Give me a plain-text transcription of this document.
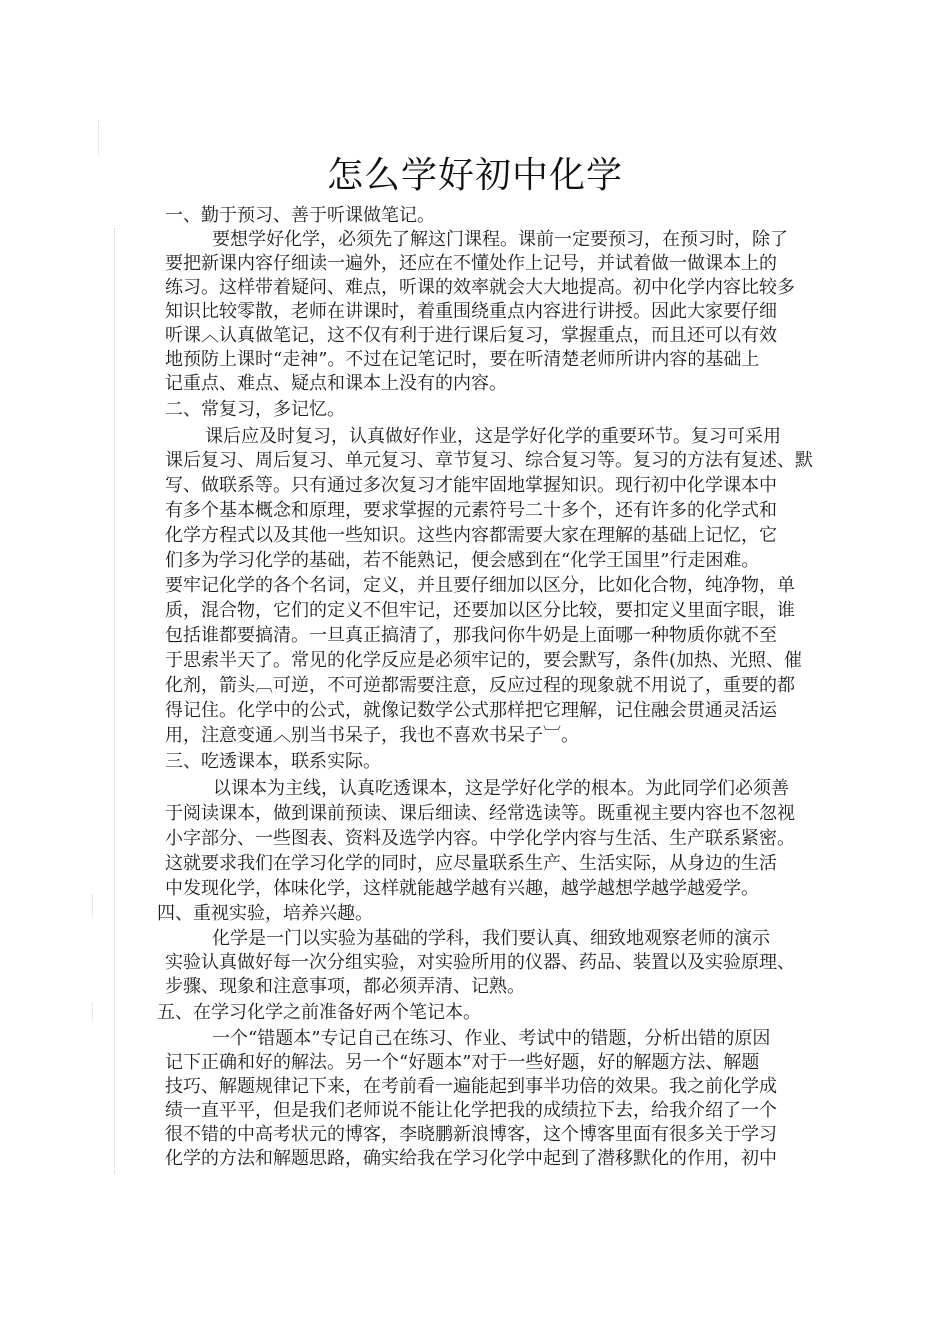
怎么学好初中化学
一、勤于预习、善于听课做笔记。
要想学好化学，必须先了解这门课程。课前一定要预习，在预习时，除了
要把新课内容仔细读一遍外，还应在不懂处作上记号，并试着做一做课本上的
练习。这样带着疑问、难点，听课的效率就会大大地提高。初中化学内容比较多
知识比较零散，老师在讲课时，着重围绕重点内容进行讲授。因此大家要仔细
听课︿认真做笔记，这不仅有利于进行课后复习，掌握重点，而且还可以有效
地预防上课时“走神”。不过在记笔记时，要在听清楚老师所讲内容的基础上
记重点、难点、疑点和课本上没有的内容。
二、常复习，多记忆。
课后应及时复习，认真做好作业，这是学好化学的重要环节。复习可采用
课后复习、周后复习、单元复习、章节复习、综合复习等。复习的方法有复述、默
写、做联系等。只有通过多次复习才能牢固地掌握知识。现行初中化学课本中
有多个基本概念和原理，要求掌握的元素符号二十多个，还有许多的化学式和
化学方程式以及其他一些知识。这些内容都需要大家在理解的基础上记忆，它
们多为学习化学的基础，若不能熟记，便会感到在“化学王国里”行走困难。
要牢记化学的各个名词，定义，并且要仔细加以区分，比如化合物，纯净物，单
质，混合物，它们的定义不但牢记，还要加以区分比较，要扣定义里面字眼，谁
包括谁都要搞清。一旦真正搞清了，那我问你牛奶是上面哪一种物质你就不至
于思索半天了。常见的化学反应是必须牢记的，要会默写，条件(加热、光照、催
化剂，箭头︹可逆，不可逆都需要注意，反应过程的现象就不用说了，重要的都
得记住。化学中的公式，就像记数学公式那样把它理解，记住融会贯通灵活运
用，注意变通︿别当书呆子，我也不喜欢书呆子︺。
三、吃透课本，联系实际。
以课本为主线，认真吃透课本，这是学好化学的根本。为此同学们必须善
于阅读课本，做到课前预读、课后细读、经常选读等。既重视主要内容也不忽视
小字部分、一些图表、资料及选学内容。中学化学内容与生活、生产联系紧密。
这就要求我们在学习化学的同时，应尽量联系生产、生活实际，从身边的生活
中发现化学，体味化学，这样就能越学越有兴趣，越学越想学越学越爱学。
四、重视实验，培养兴趣。
化学是一门以实验为基础的学科，我们要认真、细致地观察老师的演示
实验认真做好每一次分组实验，对实验所用的仪器、药品、装置以及实验原理、
步骤、现象和注意事项，都必须弄清、记熟。
五、在学习化学之前准备好两个笔记本。
一个“错题本”专记自己在练习、作业、考试中的错题，分析出错的原因
记下正确和好的解法。另一个“好题本”对于一些好题，好的解题方法、解题
技巧、解题规律记下来，在考前看一遍能起到事半功倍的效果。我之前化学成
绩一直平平，但是我们老师说不能让化学把我的成绩拉下去，给我介绍了一个
很不错的中高考状元的博客，李晓鹏新浪博客，这个博客里面有很多关于学习
化学的方法和解题思路，确实给我在学习化学中起到了潜移默化的作用，初中
